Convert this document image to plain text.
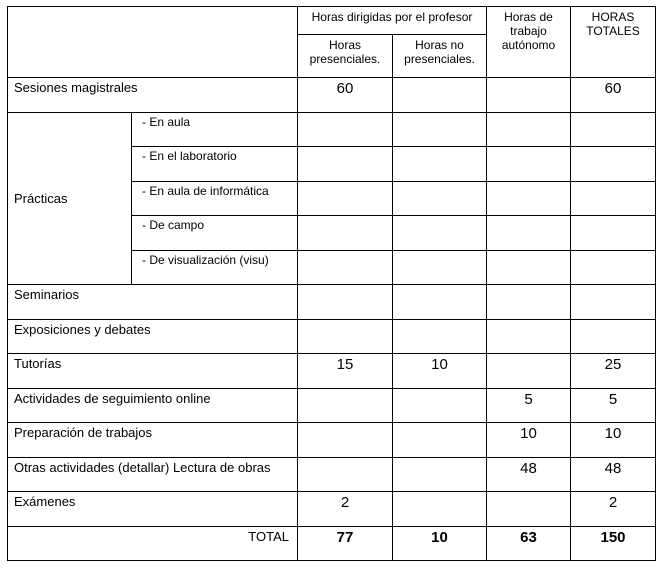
		Horas dirigidas por el profesor		Horas de trabajo autónomo	HORAS TOTALES
		Horas presenciales.	Horas no presenciales.		
Sesiones magistrales		60			60
Prácticas	- En aula				
	- En el laboratorio				
	- En aula de informática				
	- De campo				
	- De visualización (visu)				
Seminarios					
Exposiciones y debates					
Tutorías		15	10		25
Actividades de seguimiento online				5	5
Preparación de trabajos				10	10
Otras actividades (detallar) Lectura de obras				48	48
Exámenes		2			2
TOTAL		77	10	63	150
